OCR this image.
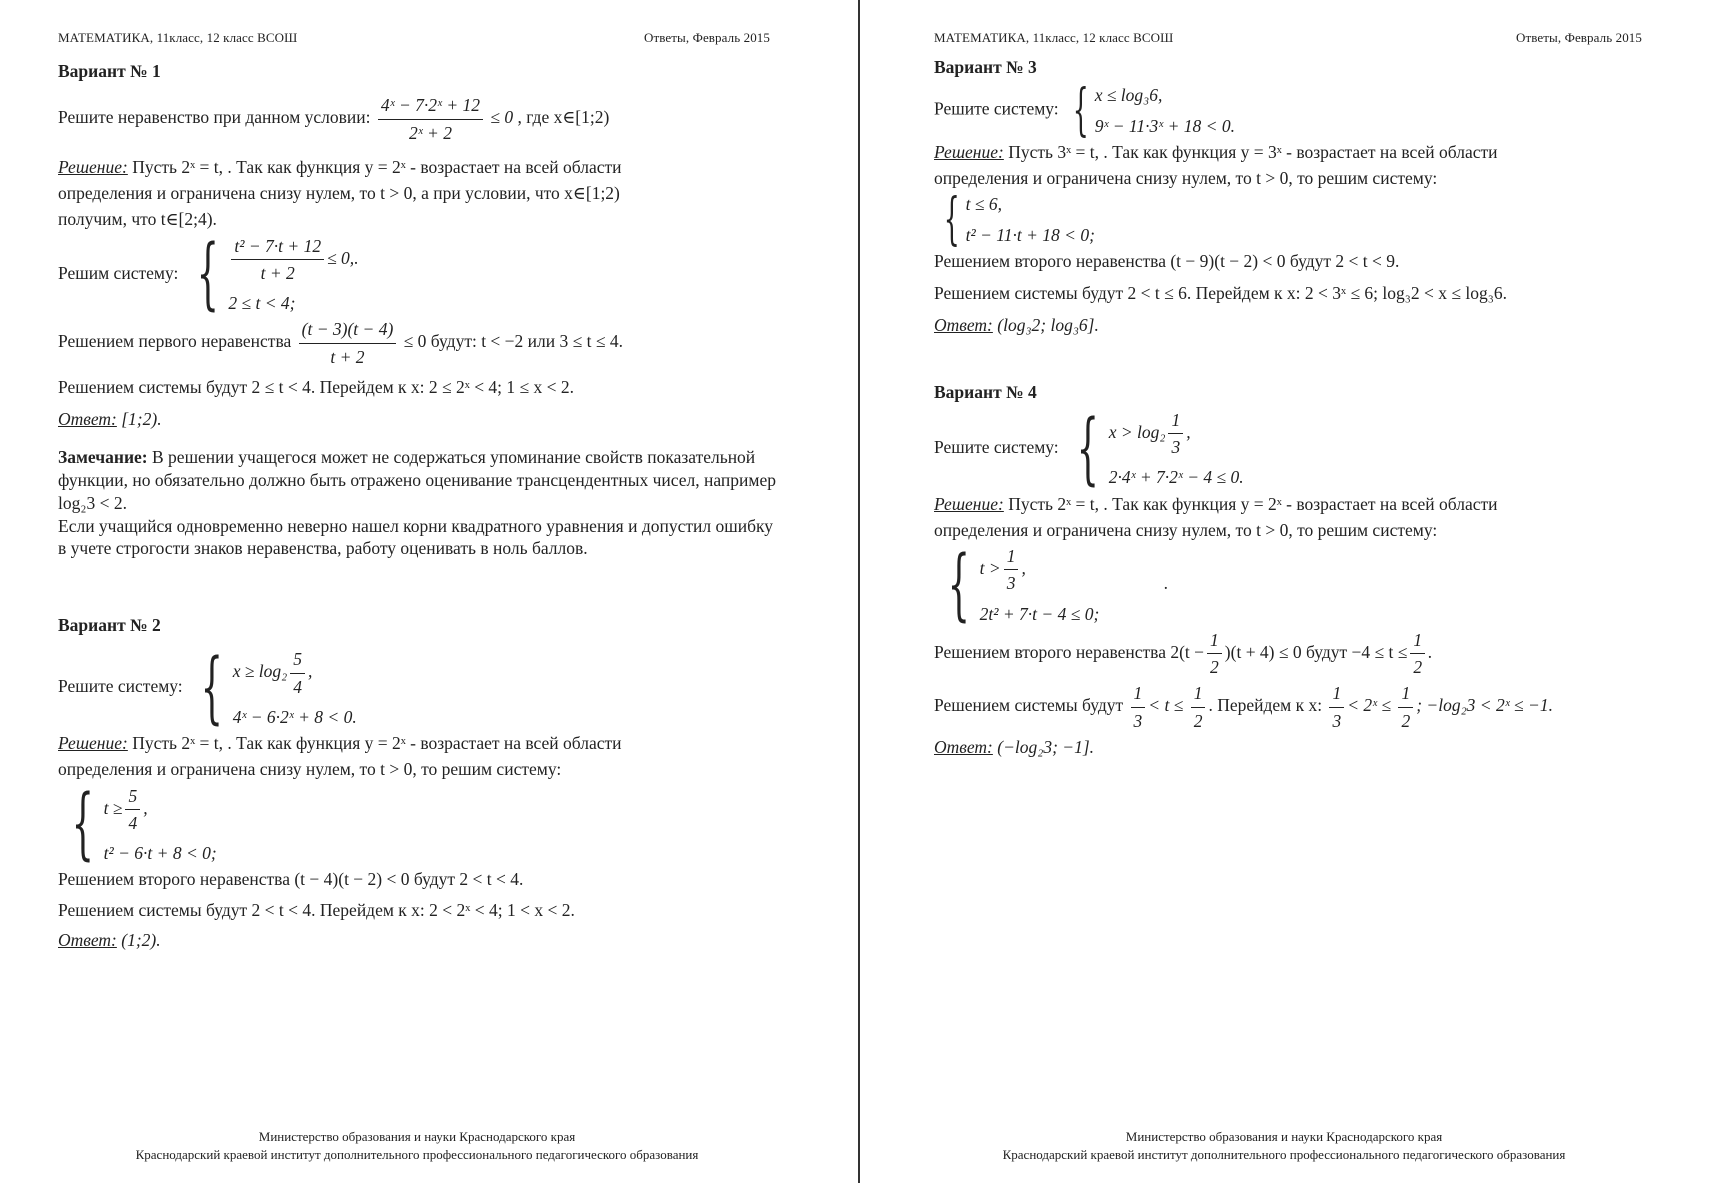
МАТЕМАТИКА, 11класс, 12 класс ВСОШ	Ответы, Февраль 2015

Вариант № 1

Решите неравенство при данном условии: $\frac{\text{4ˣ − 7·2ˣ + 12}}{\text{2ˣ + 2}} \le 0$ , где x∈[1;2)

Решение: Пусть 2ˣ = t, . Так как функция y = 2ˣ - возрастает на всей области

определения и ограничена снизу нулем, то t > 0, а при условии, что x∈[1;2)

получим, что t∈[2;4).

Решим систему: { $\frac{\text{t² − 7·t + 12}}{t + 2} \le 0$,.
2 ≤ t < 4;

Решением первого неравенства $\frac{(t - 3)(t - 4)}{t + 2} \le 0$ будут: t < −2 или 3 ≤ t ≤ 4.

Решением системы будут 2 ≤ t < 4. Перейдем к x: 2 ≤ 2ˣ < 4; 1 ≤ x < 2.

Ответ: [1;2).

Замечание: В решении учащегося может не содержаться упоминание свойств показательной функции, но обязательно должно быть отражено оценивание трансцендентных чисел, например log₂3 < 2.

Если учащийся одновременно неверно нашел корни квадратного уравнения и допустил ошибку в учете строгости знаков неравенства, работу оценивать в ноль баллов.

Вариант № 2

Решите систему: { $x \ge \log_2 \frac{5}{4}$ ,
4ˣ − 6·2ˣ + 8 < 0.

Решение: Пусть 2ˣ = t, . Так как функция y = 2ˣ - возрастает на всей области

определения и ограничена снизу нулем, то t > 0, то решим систему:

{ $t \ge \frac{5}{4}$ ,
t² − 6·t + 8 < 0;

Решением второго неравенства (t − 4)(t − 2) < 0 будут 2 < t < 4.

Решением системы будут 2 < t < 4. Перейдем к x: 2 < 2ˣ < 4; 1 < x < 2.

Ответ: (1;2).

Министерство образования и науки Краснодарского края
Краснодарский краевой институт дополнительного профессионального педагогического образования
МАТЕМАТИКА, 11класс, 12 класс ВСОШ	Ответы, Февраль 2015

Вариант № 3

Решите систему: { x ≤ log₃6,
9ˣ − 11·3ˣ + 18 < 0.

Решение: Пусть 3ˣ = t, . Так как функция y = 3ˣ - возрастает на всей области

определения и ограничена снизу нулем, то t > 0, то решим систему:

{ t ≤ 6,
t² − 11·t + 18 < 0;

Решением второго неравенства (t − 9)(t − 2) < 0 будут 2 < t < 9.

Решением системы будут 2 < t ≤ 6. Перейдем к x: 2 < 3ˣ ≤ 6; log₃2 < x ≤ log₃6.

Ответ: (log₃2; log₃6].

Вариант № 4

Решите систему: { $x > \log_2 \frac{1}{3}$ ,
2·4ˣ + 7·2ˣ − 4 ≤ 0.

Решение: Пусть 2ˣ = t, . Так как функция y = 2ˣ - возрастает на всей области

определения и ограничена снизу нулем, то t > 0, то решим систему:

{ $t > \frac{1}{3}$ ,
2t² + 7·t − 4 ≤ 0;
.

Решением второго неравенства $2(t - \frac{1}{2} )(t + 4) \le 0$ будут $-4 \le t \le \frac{1}{2}$ .

Решением системы будут $\frac{1}{3} < t \le \frac{1}{2}$ . Перейдем к x: $\frac{1}{3}$ < 2ˣ ≤ $\frac{1}{2}$ ; −log₂3 < 2ˣ ≤ −1.

Ответ: (−log₂3; −1].

Министерство образования и науки Краснодарского края
Краснодарский краевой институт дополнительного профессионального педагогического образования
